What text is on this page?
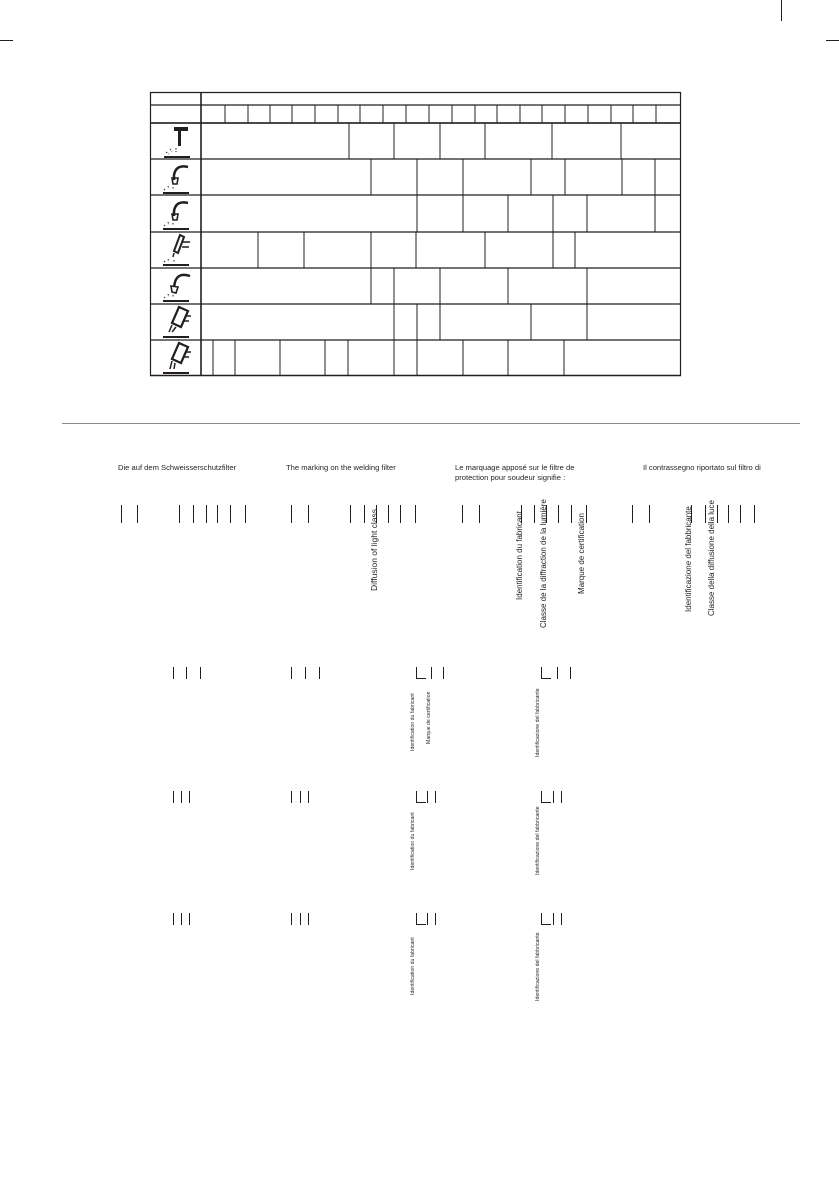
Die auf dem Schweisserschutzfilter	The marking on the welding filter	Le marquage apposé sur le filtre de
protection pour soudeur signifie :
Il contrassegno riportato sul filtro di
Diffusion of light class	Identification du fabricant Classe de la diffraction de la lumière	Marque de certification	Identificazione del fabbricante Classe della diffusione della luce
Identification du fabricant Marque de certification	Identificazione del fabbricante
Identification du fabricant	Identificazione del fabbricante
Identification du fabricant	Identificazione del fabbricante
